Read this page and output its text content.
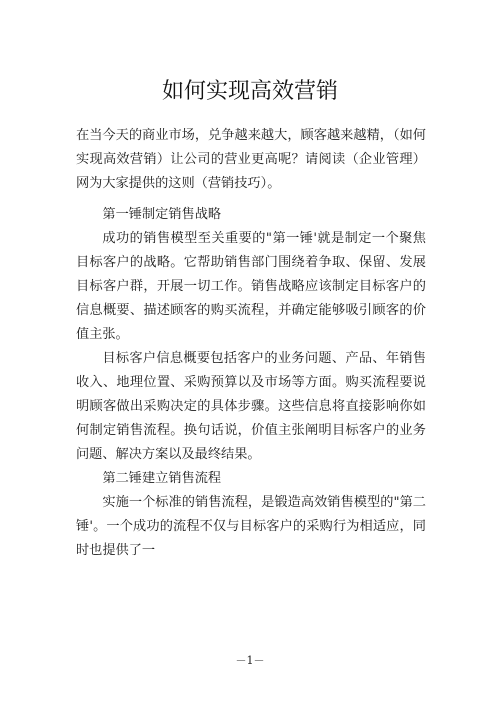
如何实现高效营销

在当今天的商业市场，兑争越来越大，顾客越来越精，（如何实现高效营销）让公司的营业更高呢？请阅读（企业管理）网为大家提供的这则（营销技巧）。

第一锤制定销售战略

成功的销售模型至关重要的"第一锤'就是制定一个聚焦目标客户的战略。它帮助销售部门围绕着争取、保留、发展目标客户群，开展一切工作。销售战略应该制定目标客户的信息概要、描述顾客的购买流程，并确定能够吸引顾客的价值主张。

目标客户信息概要包括客户的业务问题、产品、年销售收入、地理位置、采购预算以及市场等方面。购买流程要说明顾客做出采购决定的具体步骤。这些信息将直接影响你如何制定销售流程。换句话说，价值主张阐明目标客户的业务问题、解决方案以及最终结果。

第二锤建立销售流程

实施一个标准的销售流程，是锻造高效销售模型的"第二锤'。一个成功的流程不仅与目标客户的采购行为相适应，同时也提供了一

－1－
